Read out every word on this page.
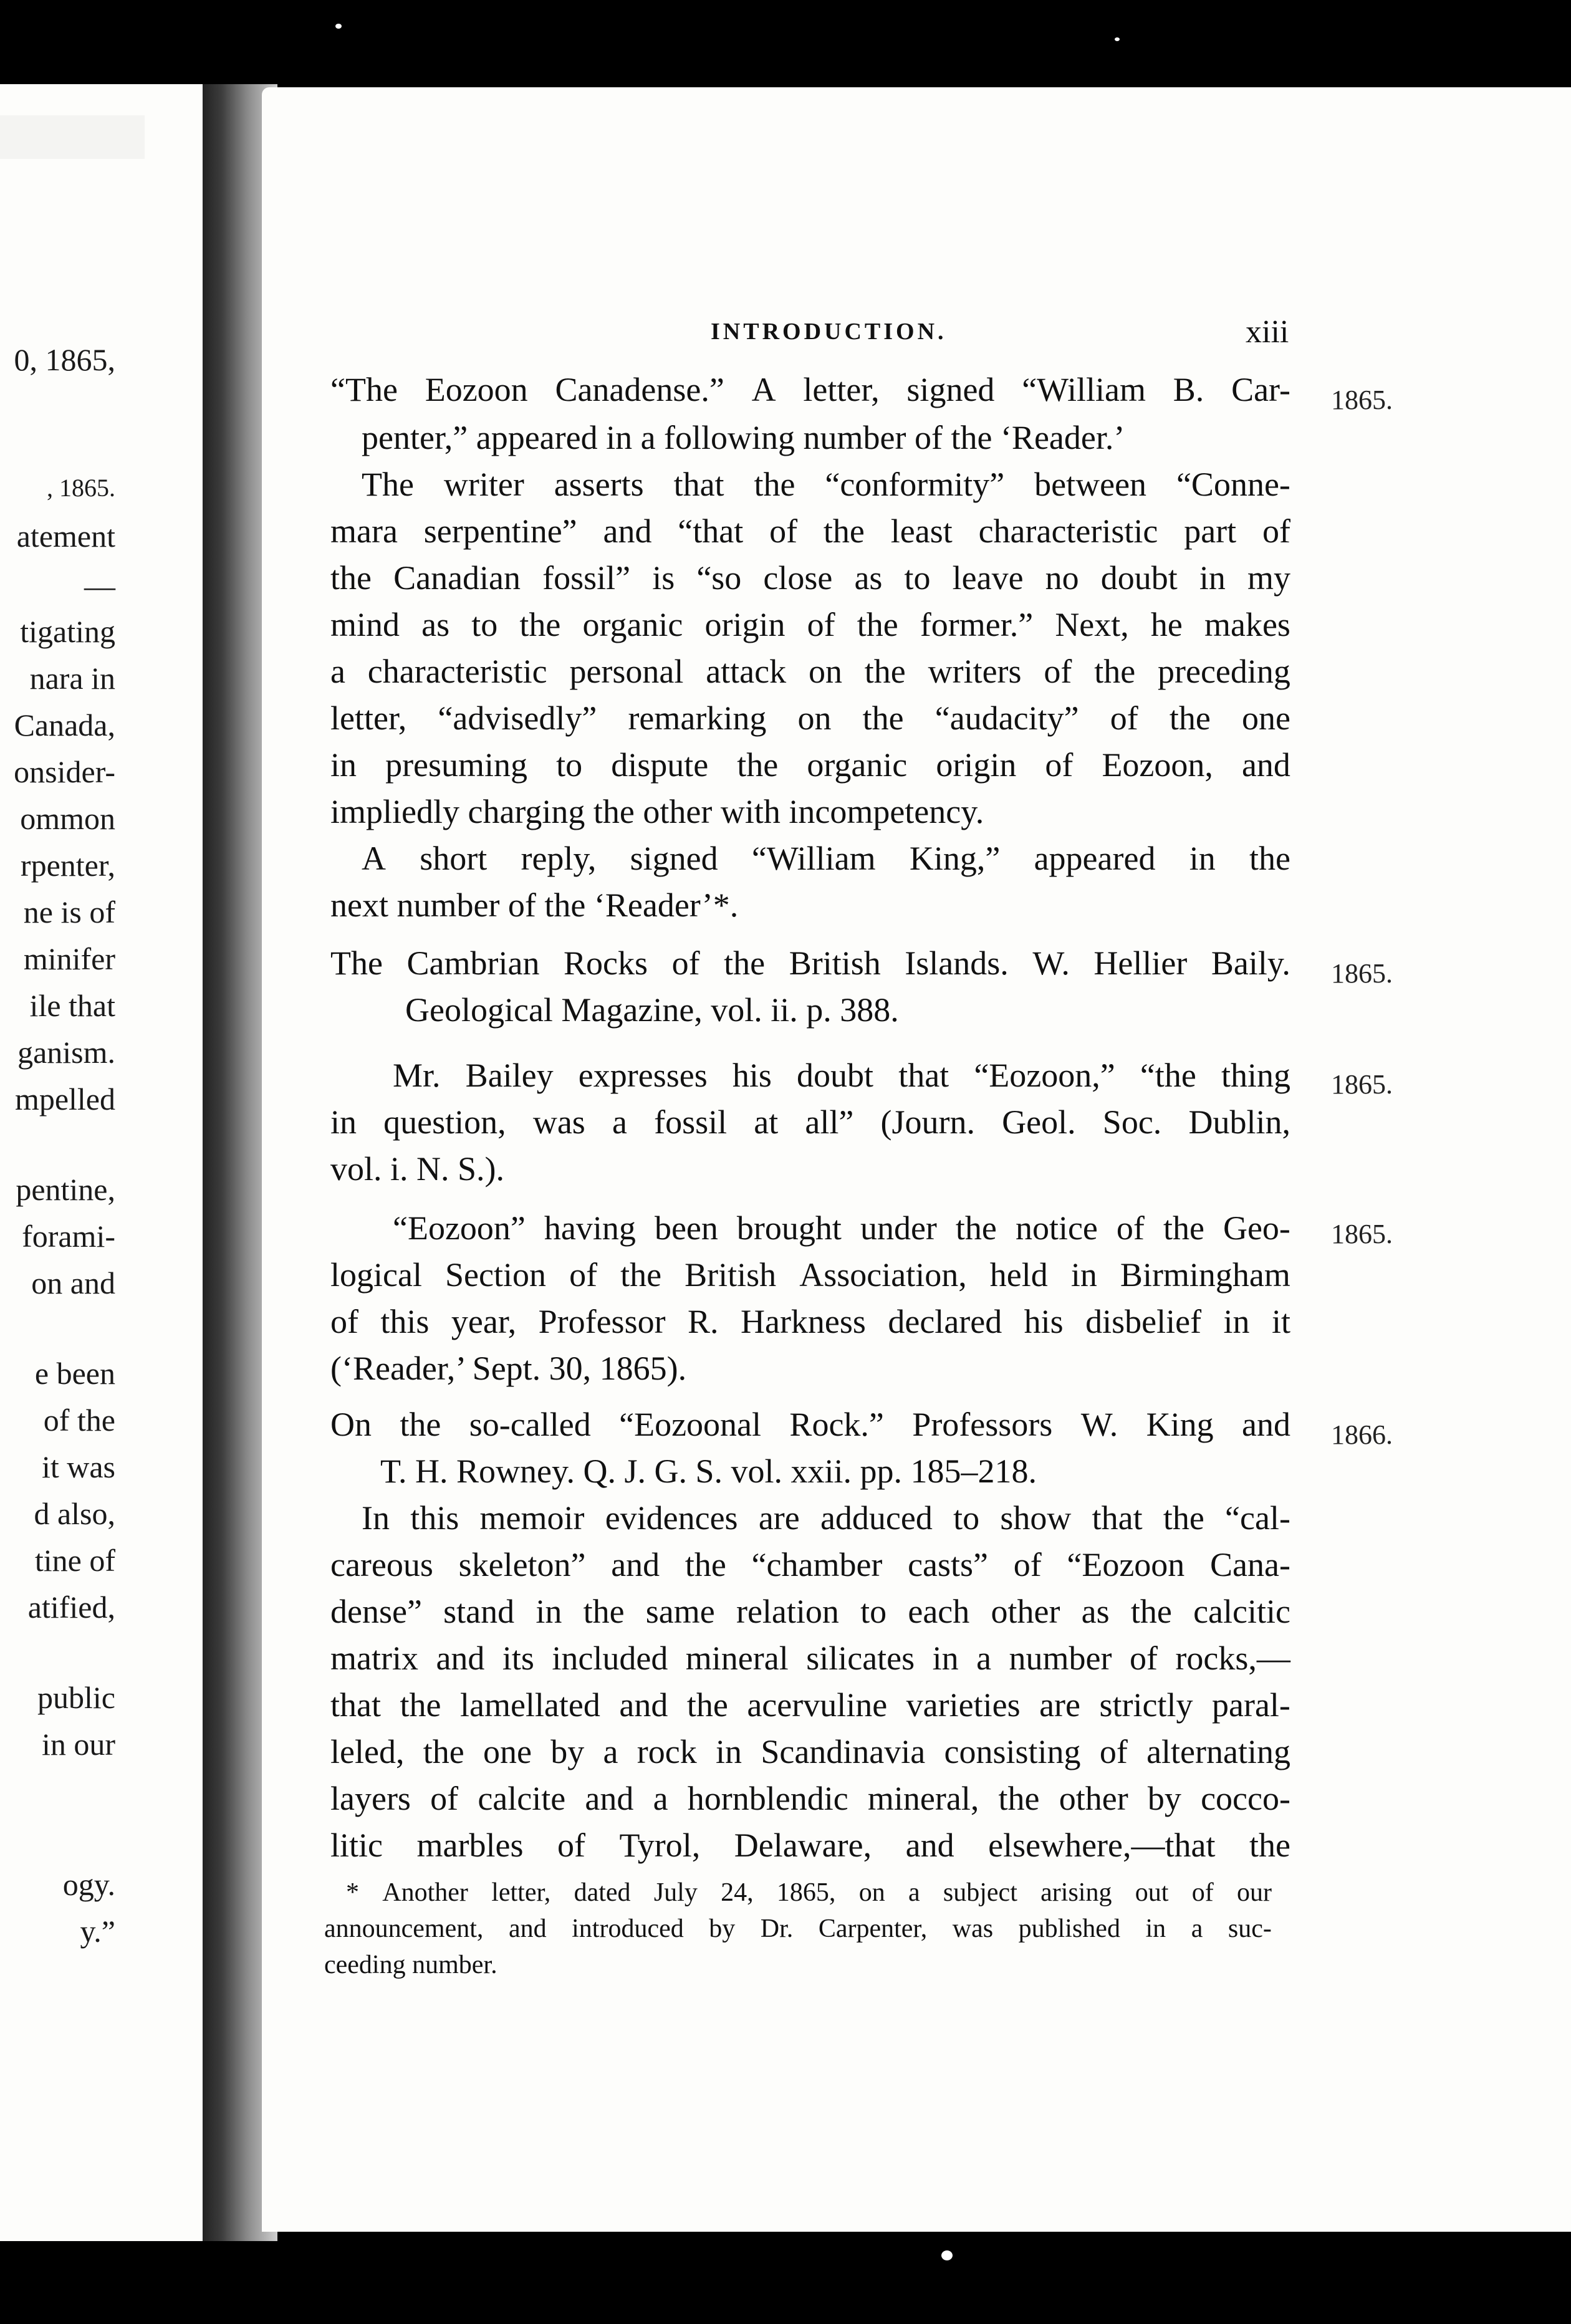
0, 1865,
, 1865.
atement
—
tigating
nara in
Canada,
onsider-
ommon
rpenter,
ne is of
minifer
ile that
ganism.
mpelled
pentine,
forami-
on and
e been
of the
it was
d also,
tine of
atified,
public
in our
ogy.
y.”
INTRODUCTION.	xiii
“The Eozoon Canadense.” A letter, signed “William B. Car- 1865.
penter,” appeared in a following number of the ‘Reader.’
The writer asserts that the “conformity” between “Conne-
mara serpentine” and “that of the least characteristic part of
the Canadian fossil” is “so close as to leave no doubt in my
mind as to the organic origin of the former.” Next, he makes
a characteristic personal attack on the writers of the preceding
letter, “advisedly” remarking on the “audacity” of the one
in presuming to dispute the organic origin of Eozoon, and
impliedly charging the other with incompetency.
A short reply, signed “William King,” appeared in the
next number of the ‘Reader’*.
The Cambrian Rocks of the British Islands. W. Hellier Baily. 1865.
Geological Magazine, vol. ii. p. 388.
Mr. Bailey expresses his doubt that “Eozoon,” “the thing 1865.
in question, was a fossil at all” (Journ. Geol. Soc. Dublin,
vol. i. N. S.).
“Eozoon” having been brought under the notice of the Geo- 1865.
logical Section of the British Association, held in Birmingham
of this year, Professor R. Harkness declared his disbelief in it
(‘Reader,’ Sept. 30, 1865).
On the so-called “Eozoonal Rock.” Professors W. King and 1866.
T. H. Rowney. Q. J. G. S. vol. xxii. pp. 185–218.
In this memoir evidences are adduced to show that the “cal-
careous skeleton” and the “chamber casts” of “Eozoon Cana-
dense” stand in the same relation to each other as the calcitic
matrix and its included mineral silicates in a number of rocks,—
that the lamellated and the acervuline varieties are strictly paral-
leled, the one by a rock in Scandinavia consisting of alternating
layers of calcite and a hornblendic mineral, the other by cocco-
litic marbles of Tyrol, Delaware, and elsewhere,—that the
* Another letter, dated July 24, 1865, on a subject arising out of our
announcement, and introduced by Dr. Carpenter, was published in a suc-
ceeding number.
